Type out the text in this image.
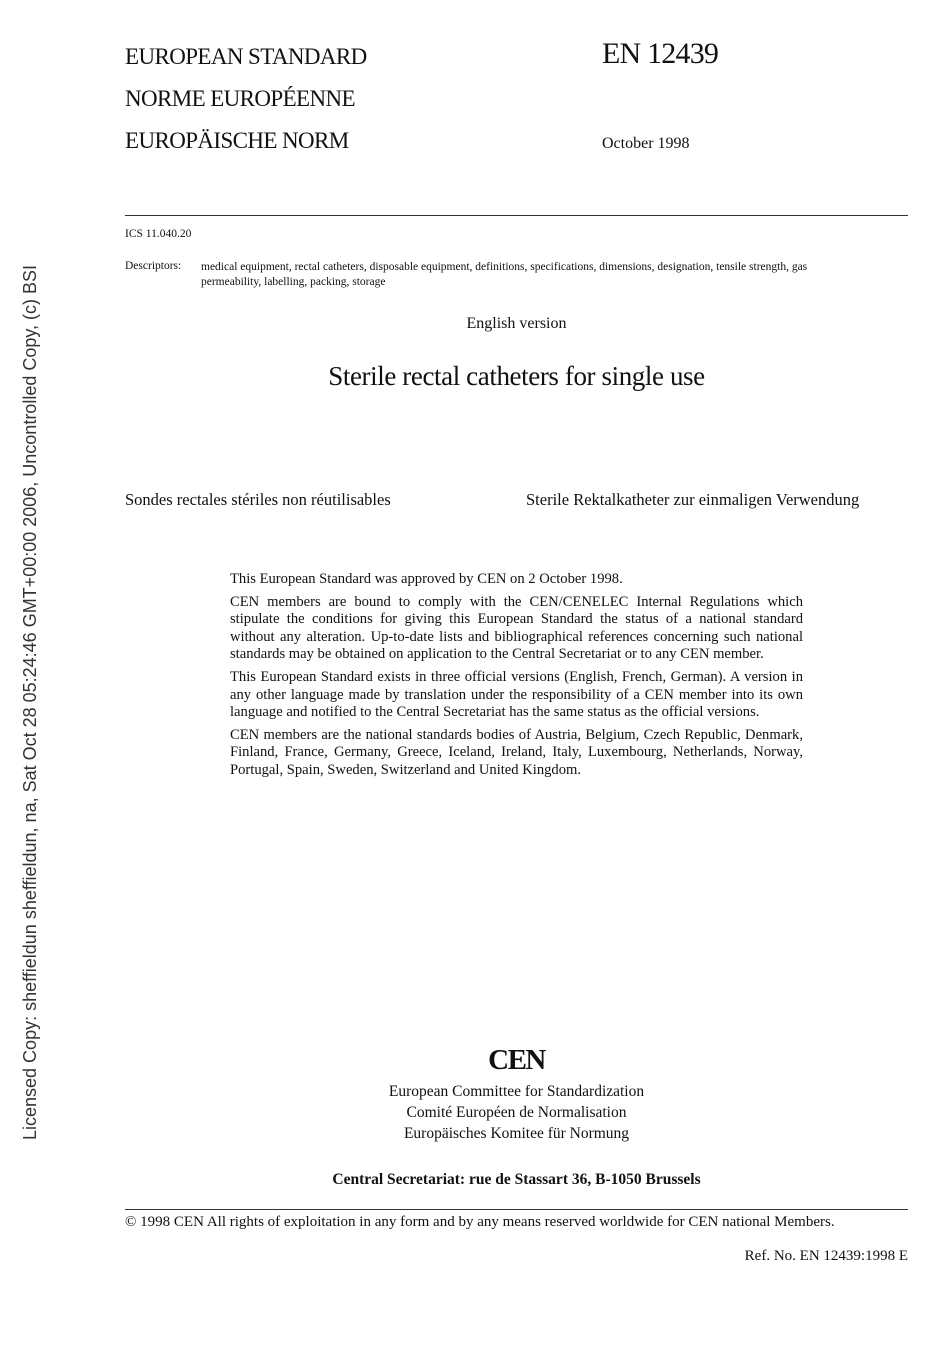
EUROPEAN STANDARD
NORME EUROPÉENNE
EUROPÄISCHE NORM
EN 12439
October 1998
ICS 11.040.20
Descriptors: medical equipment, rectal catheters, disposable equipment, definitions, specifications, dimensions, designation, tensile strength, gas permeability, labelling, packing, storage
English version
Sterile rectal catheters for single use
Sondes rectales stériles non réutilisables	Sterile Rektalkatheter zur einmaligen Verwendung

This European Standard was approved by CEN on 2 October 1998.

CEN members are bound to comply with the CEN/CENELEC Internal Regulations which stipulate the conditions for giving this European Standard the status of a national standard without any alteration. Up-to-date lists and bibliographical references concerning such national standards may be obtained on application to the Central Secretariat or to any CEN member.

This European Standard exists in three official versions (English, French, German). A version in any other language made by translation under the responsibility of a CEN member into its own language and notified to the Central Secretariat has the same status as the official versions.

CEN members are the national standards bodies of Austria, Belgium, Czech Republic, Denmark, Finland, France, Germany, Greece, Iceland, Ireland, Italy, Luxembourg, Netherlands, Norway, Portugal, Spain, Sweden, Switzerland and United Kingdom.

CEN
European Committee for Standardization
Comité Européen de Normalisation
Europäisches Komitee für Normung
Central Secretariat: rue de Stassart 36, B-1050 Brussels
© 1998 CEN All rights of exploitation in any form and by any means reserved worldwide for CEN national Members.
Ref. No. EN 12439:1998 E
Licensed Copy: sheffieldun sheffieldun, na, Sat Oct 28 05:24:46 GMT+00:00 2006, Uncontrolled Copy, (c) BSI
